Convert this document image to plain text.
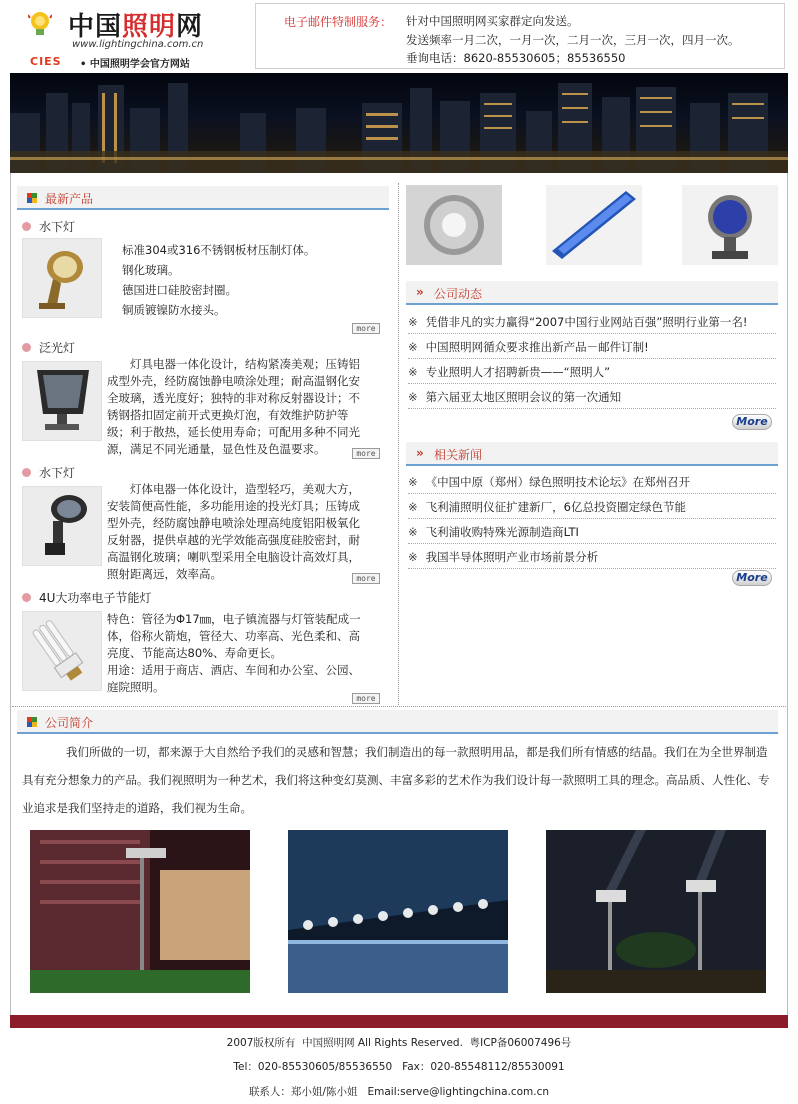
中国照明网
www.lightingchina.com.cn
CIES • 中国照明学会官方网站
电子邮件特制服务： 针对中国照明网买家群定向发送。
发送频率一月二次，一月一次，二月一次，三月一次，四月一次。
垂询电话：8620-85530605；85536550
最新产品
水下灯
标准304或316不锈钢板材压制灯体。
钢化玻璃。
德国进口硅胶密封圈。
铜质镀镍防水接头。
more
泛光灯
　　灯具电器一体化设计，结构紧凑美观；压铸铝
成型外壳，经防腐蚀静电喷涂处理；耐高温钢化安
全玻璃，透光度好；独特的非对称反射器设计；不
锈钢搭扣固定前开式更换灯泡，有效维护防护等
级；利于散热，延长使用寿命；可配用多种不同光
源，满足不同光通量，显色性及色温要求。	more
水下灯
　　灯体电器一体化设计，造型轻巧，美观大方，
安装简便高性能，多功能用途的投光灯具；压铸成
型外壳，经防腐蚀静电喷涂处理高纯度铝阳极氧化
反射器，提供卓越的光学效能高强度硅胶密封，耐
高温钢化玻璃；喇叭型采用全电脑设计高效灯具，
照射距离远，效率高。	more
4U大功率电子节能灯
特色：管径为Φ17㎜，电子镇流器与灯管装配成一
体，俗称火箭炮，管径大、功率高、光色柔和、高
亮度、节能高达80%、寿命更长。
用途：适用于商店、酒店、车间和办公室、公园、
庭院照明。
more
» 公司动态
※ 凭借非凡的实力赢得“2007中国行业网站百强”照明行业第一名!
※ 中国照明网循众要求推出新产品－邮件订制!
※ 专业照明人才招聘新贵——“照明人”
※ 第六届亚太地区照明会议的第一次通知
More
» 相关新闻
※ 《中国中原（郑州）绿色照明技术论坛》在郑州召开
※ 飞利浦照明仪征扩建新厂，6亿总投资圈定绿色节能
※ 飞利浦收购特殊光源制造商LTI
※ 我国半导体照明产业市场前景分析
More
公司简介
我们所做的一切，都来源于大自然给予我们的灵感和智慧；我们制造出的每一款照明用品，都是我们所有情感的结晶。我们在为全世界制造具有充分想象力的产品。我们视照明为一种艺术，我们将这种变幻莫测、丰富多彩的艺术作为我们设计每一款照明工具的理念。高品质、人性化、专业追求是我们坚持走的道路，我们视为生命。
2007版权所有  中国照明网 All Rights Reserved.  粤ICP备06007496号
Tel：020-85530605/85536550   Fax：020-85548112/85530091
联系人：郑小姐/陈小姐   Email:serve@lightingchina.com.cn
